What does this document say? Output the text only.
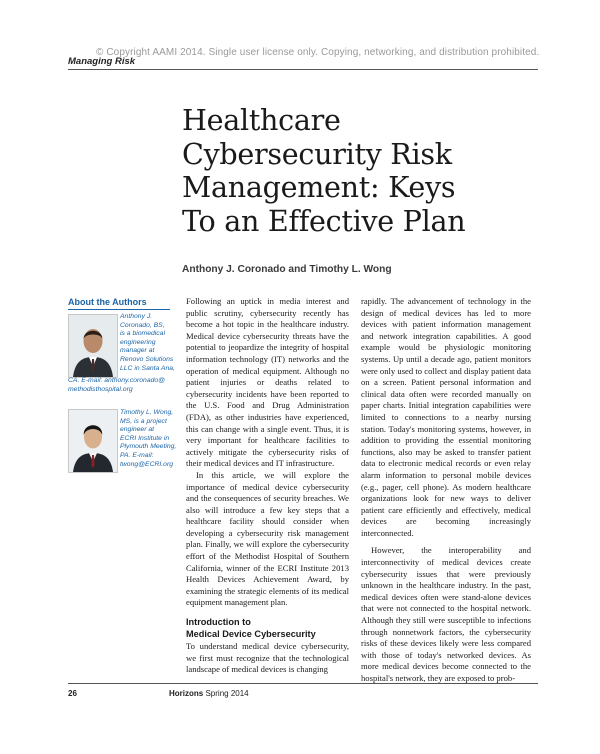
© Copyright AAMI 2014. Single user license only. Copying, networking, and distribution prohibited.
Managing Risk
Healthcare
Cybersecurity Risk
Management: Keys
To an Effective Plan
Anthony J. Coronado and Timothy L. Wong
About the Authors
Anthony J.
Coronado, BS,
is a biomedical
engineering
manager at
Renovo Solutions
LLC in Santa Ana,
CA. E-mail: anthony.coronado@
methodisthospital.org
Timothy L. Wong,
MS, is a project
engineer at
ECRI Institute in
Plymouth Meeting,
PA. E-mail:
twong@ECRI.org

Following an uptick in media interest and public scrutiny, cybersecurity recently has become a hot topic in the healthcare industry. Medical device cybersecurity threats have the potential to jeopardize the integrity of hospital information technology (IT) networks and the operation of medical equipment. Although no patient injuries or deaths related to cybersecurity incidents have been reported to the U.S. Food and Drug Administration (FDA), as other industries have experienced, this can change with a single event. Thus, it is very important for healthcare facilities to actively mitigate the cybersecurity risks of their medical devices and IT infrastructure.

In this article, we will explore the importance of medical device cybersecurity and the consequences of security breaches. We also will introduce a few key steps that a healthcare facility should consider when developing a cybersecurity risk management plan. Finally, we will explore the cybersecurity effort of the Methodist Hospital of Southern California, winner of the ECRI Institute 2013 Health Devices Achievement Award, by examining the strategic elements of its medical equipment management plan.

Introduction to
Medical Device Cybersecurity

To understand medical device cybersecurity, we first must recognize that the technological landscape of medical devices is changing

rapidly. The advancement of technology in the design of medical devices has led to more devices with patient information management and network integration capabilities. A good example would be physiologic monitoring systems. Up until a decade ago, patient monitors were only used to collect and display patient data on a screen. Patient personal information and clinical data often were recorded manually on paper charts. Initial integration capabilities were limited to connections to a nearby nursing station. Today's monitoring systems, however, in addition to providing the essential monitoring functions, also may be asked to transfer patient data to electronic medical records or even relay alarm information to personal mobile devices (e.g., pager, cell phone). As modern healthcare organizations look for new ways to deliver patient care efficiently and effectively, medical devices are becoming increasingly interconnected.

However, the interoperability and interconnectivity of medical devices create cybersecurity issues that were previously unknown in the healthcare industry. In the past, medical devices often were stand-alone devices that were not connected to the hospital network. Although they still were susceptible to infections through nonnetwork factors, the cybersecurity risks of these devices likely were less compared with those of today's networked devices. As more medical devices become connected to the hospital's network, they are exposed to prob-

26	Horizons Spring 2014
